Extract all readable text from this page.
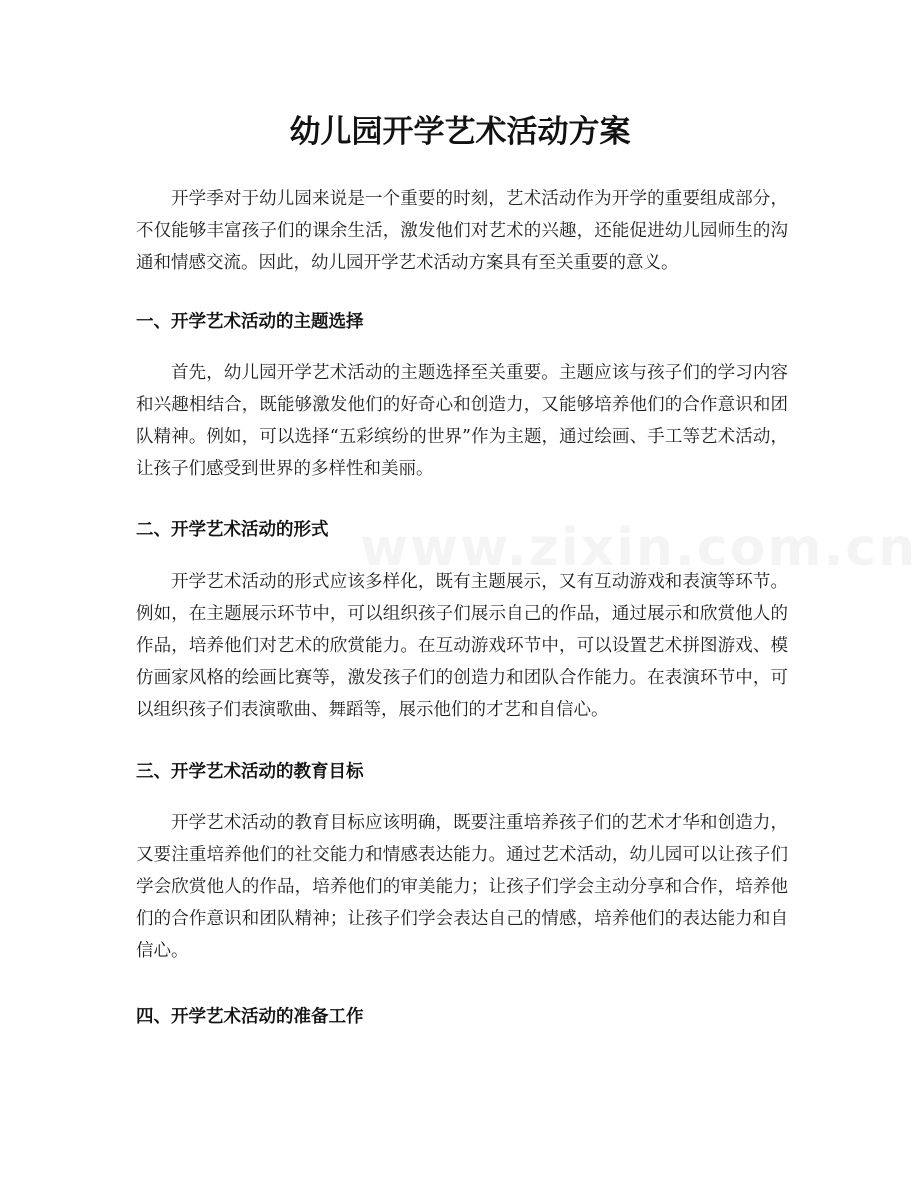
幼儿园开学艺术活动方案

开学季对于幼儿园来说是一个重要的时刻，艺术活动作为开学的重要组成部分，不仅能够丰富孩子们的课余生活，激发他们对艺术的兴趣，还能促进幼儿园师生的沟通和情感交流。因此，幼儿园开学艺术活动方案具有至关重要的意义。

一、开学艺术活动的主题选择

首先，幼儿园开学艺术活动的主题选择至关重要。主题应该与孩子们的学习内容和兴趣相结合，既能够激发他们的好奇心和创造力，又能够培养他们的合作意识和团队精神。例如，可以选择“五彩缤纷的世界”作为主题，通过绘画、手工等艺术活动，让孩子们感受到世界的多样性和美丽。

二、开学艺术活动的形式

开学艺术活动的形式应该多样化，既有主题展示，又有互动游戏和表演等环节。例如，在主题展示环节中，可以组织孩子们展示自己的作品，通过展示和欣赏他人的作品，培养他们对艺术的欣赏能力。在互动游戏环节中，可以设置艺术拼图游戏、模仿画家风格的绘画比赛等，激发孩子们的创造力和团队合作能力。在表演环节中，可以组织孩子们表演歌曲、舞蹈等，展示他们的才艺和自信心。

三、开学艺术活动的教育目标

开学艺术活动的教育目标应该明确，既要注重培养孩子们的艺术才华和创造力，又要注重培养他们的社交能力和情感表达能力。通过艺术活动，幼儿园可以让孩子们学会欣赏他人的作品，培养他们的审美能力；让孩子们学会主动分享和合作，培养他们的合作意识和团队精神；让孩子们学会表达自己的情感，培养他们的表达能力和自信心。

四、开学艺术活动的准备工作
